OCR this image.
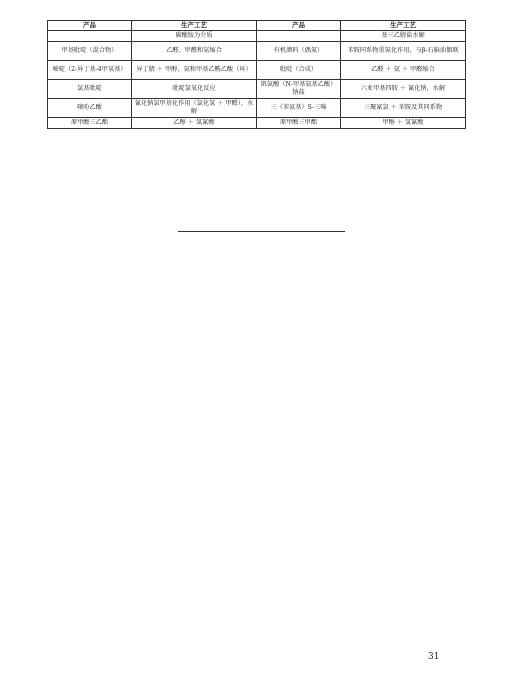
产品	生产工艺	产品	生产工艺
	碳酸铵为介质		基三乙腈盐水解
甲基吡啶（混合物）	乙醛、甲醛和氨缩合	有机颜料（偶氮）	苯胺同系物重氮化作用，与β-石脑油偶联
嘧啶（2-异丁基-4甲氧基）	异丁腈 ＋ 甲醇，氨和甲基乙酰乙酸（环）	吡啶（合成）	乙醛 ＋ 氨 ＋ 甲醛缩合
氯基吡啶	吡啶氯氧化反应	肌氨酸（N-甲基氨基乙酸）钠盐	六亚甲基四胺 ＋ 氰化钠，水解
噻吩乙酸	氰化钠氯甲基化作用（氯化氢 ＋ 甲醛），水解	三（苯氨基）S-三嗪	三聚氰氯 ＋ 苯胺及其同系物
原甲酸三乙酯	乙醇 ＋ 氢氰酸	原甲酸三甲酯	甲醇 ＋ 氢氰酸
31
